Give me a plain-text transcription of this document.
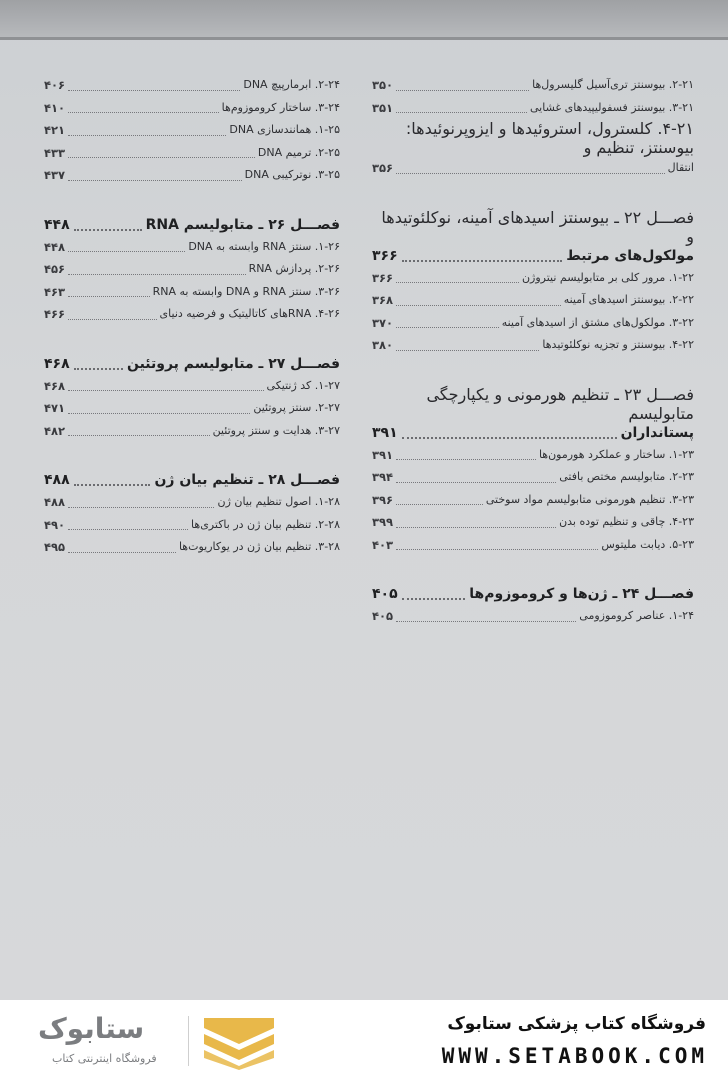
۲-۲۱. بیوسنتز تری‌آسیل گلیسرول‌ها
۳۵۰
۳-۲۱. بیوسنتز فسفولیپیدهای غشایی
۳۵۱
۴-۲۱. کلسترول، استروئیدها و ایزوپرنوئیدها: بیوسنتز، تنظیم و
انتقال
۳۵۶
فصـــل ۲۲ ـ بیوسنتز اسیدهای آمینه، نوکلئوتیدها و
مولکول‌های مرتبط
۳۶۶
۱-۲۲. مرور کلی بر متابولیسم نیتروژن
۳۶۶
۲-۲۲. بیوسنتز اسیدهای آمینه
۳۶۸
۳-۲۲. مولکول‌های مشتق از اسیدهای آمینه
۳۷۰
۴-۲۲. بیوسنتز و تجزیه نوکلئوتیدها
۳۸۰
فصـــل ۲۳ ـ تنظیم هورمونی و یکپارچگی متابولیسم
پستانداران
۳۹۱
۱-۲۳. ساختار و عملکرد هورمون‌ها
۳۹۱
۲-۲۳. متابولیسم مختص بافتی
۳۹۴
۳-۲۳. تنظیم هورمونی متابولیسم مواد سوختی
۳۹۶
۴-۲۳. چاقی و تنظیم توده بدن
۳۹۹
۵-۲۳. دیابت ملیتوس
۴۰۳
فصـــل ۲۴ ـ ژن‌ها و کروموزوم‌ها
۴۰۵
۱-۲۴. عناصر کروموزومی
۴۰۵
۲-۲۴. ابرمارپیچ DNA
۴۰۶
۳-۲۴. ساختار کروموزوم‌ها
۴۱۰
۱-۲۵. همانندسازی DNA
۴۲۱
۲-۲۵. ترمیم DNA
۴۳۳
۳-۲۵. نوترکیبی DNA
۴۳۷
فصـــل ۲۶ ـ متابولیسم RNA
۴۴۸
۱-۲۶. سنتز RNA وابسته به DNA
۴۴۸
۲-۲۶. پردازش RNA
۴۵۶
۳-۲۶. سنتز RNA و DNA وابسته به RNA
۴۶۳
۴-۲۶. RNAهای کاتالیتیک و فرضیه دنیای
۴۶۶
فصـــل ۲۷ ـ متابولیسم پروتئین
۴۶۸
۱-۲۷. کد ژنتیکی
۴۶۸
۲-۲۷. سنتز پروتئین
۴۷۱
۳-۲۷. هدایت و سنتز پروتئین
۴۸۲
فصـــل ۲۸ ـ تنظیم بیان ژن
۴۸۸
۱-۲۸. اصول تنظیم بیان ژن
۴۸۸
۲-۲۸. تنظیم بیان ژن در باکتری‌ها
۴۹۰
۳-۲۸. تنظیم بیان ژن در یوکاریوت‌ها
۴۹۵
ستابوک
فروشگاه اینترنتی کتاب
فروشگاه کتاب پزشکی ستابوک
WWW.SETABOOK.COM
